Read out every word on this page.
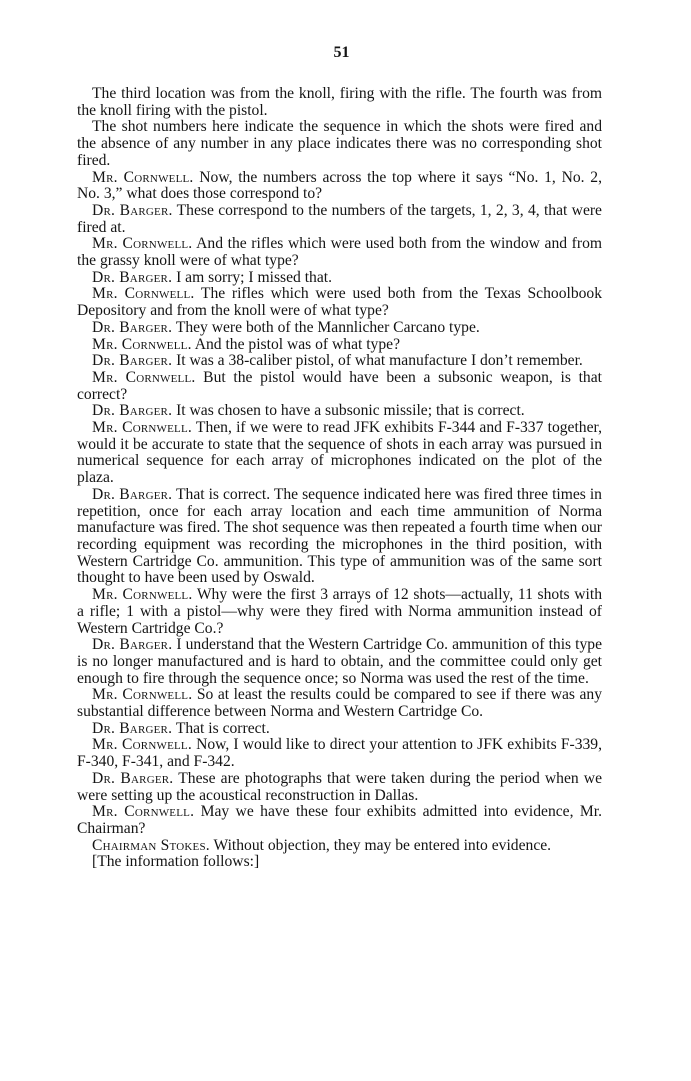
51

The third location was from the knoll, firing with the rifle. The fourth was from the knoll firing with the pistol.

The shot numbers here indicate the sequence in which the shots were fired and the absence of any number in any place indicates there was no corresponding shot fired.

Mr. Cornwell. Now, the numbers across the top where it says “No. 1, No. 2, No. 3,” what does those correspond to?

Dr. Barger. These correspond to the numbers of the targets, 1, 2, 3, 4, that were fired at.

Mr. Cornwell. And the rifles which were used both from the window and from the grassy knoll were of what type?

Dr. Barger. I am sorry; I missed that.

Mr. Cornwell. The rifles which were used both from the Texas Schoolbook Depository and from the knoll were of what type?

Dr. Barger. They were both of the Mannlicher Carcano type.

Mr. Cornwell. And the pistol was of what type?

Dr. Barger. It was a 38-caliber pistol, of what manufacture I don’t remember.

Mr. Cornwell. But the pistol would have been a subsonic weapon, is that correct?

Dr. Barger. It was chosen to have a subsonic missile; that is correct.

Mr. Cornwell. Then, if we were to read JFK exhibits F-344 and F-337 together, would it be accurate to state that the sequence of shots in each array was pursued in numerical sequence for each array of microphones indicated on the plot of the plaza.

Dr. Barger. That is correct. The sequence indicated here was fired three times in repetition, once for each array location and each time ammunition of Norma manufacture was fired. The shot sequence was then repeated a fourth time when our recording equipment was recording the microphones in the third position, with Western Cartridge Co. ammunition. This type of ammunition was of the same sort thought to have been used by Oswald.

Mr. Cornwell. Why were the first 3 arrays of 12 shots—actually, 11 shots with a rifle; 1 with a pistol—why were they fired with Norma ammunition instead of Western Cartridge Co.?

Dr. Barger. I understand that the Western Cartridge Co. ammunition of this type is no longer manufactured and is hard to obtain, and the committee could only get enough to fire through the sequence once; so Norma was used the rest of the time.

Mr. Cornwell. So at least the results could be compared to see if there was any substantial difference between Norma and Western Cartridge Co.

Dr. Barger. That is correct.

Mr. Cornwell. Now, I would like to direct your attention to JFK exhibits F-339, F-340, F-341, and F-342.

Dr. Barger. These are photographs that were taken during the period when we were setting up the acoustical reconstruction in Dallas.

Mr. Cornwell. May we have these four exhibits admitted into evidence, Mr. Chairman?

Chairman Stokes. Without objection, they may be entered into evidence.

[The information follows:]
